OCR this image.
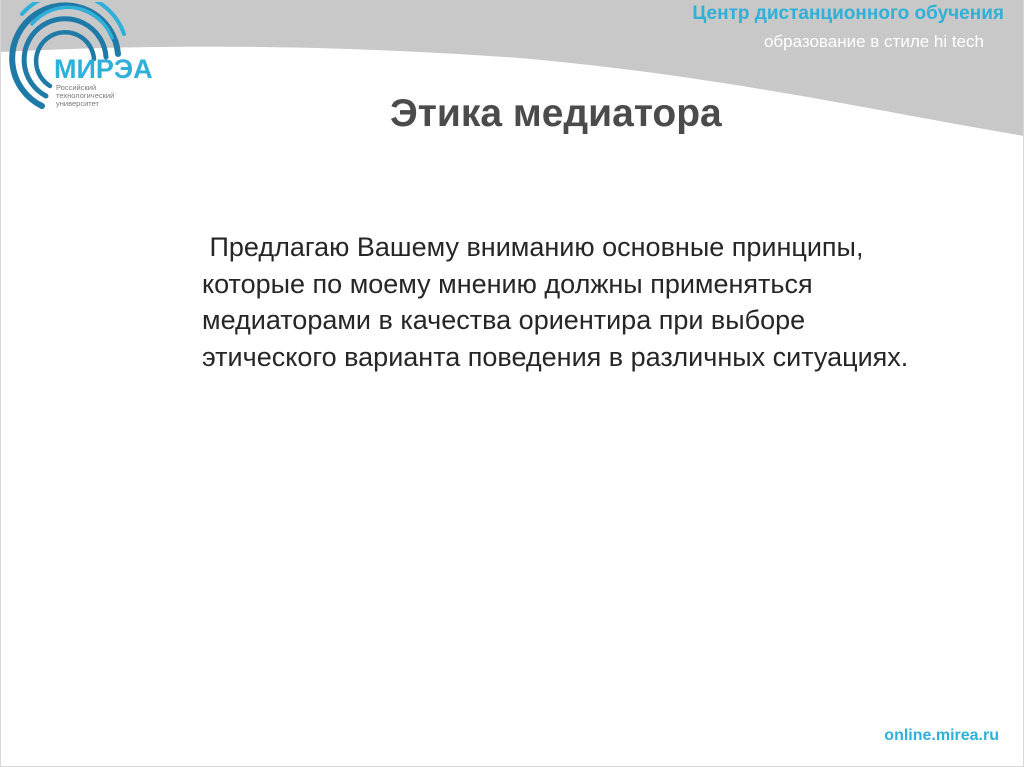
МИРЭА
Российский
технологический
университет
Центр дистанционного обучения
образование в стиле hi tech
Этика медиатора
Предлагаю Вашему вниманию основные принципы, которые по моему мнению должны применяться медиаторами в качества ориентира при выборе этического варианта поведения в различных ситуациях.
online.mirea.ru
